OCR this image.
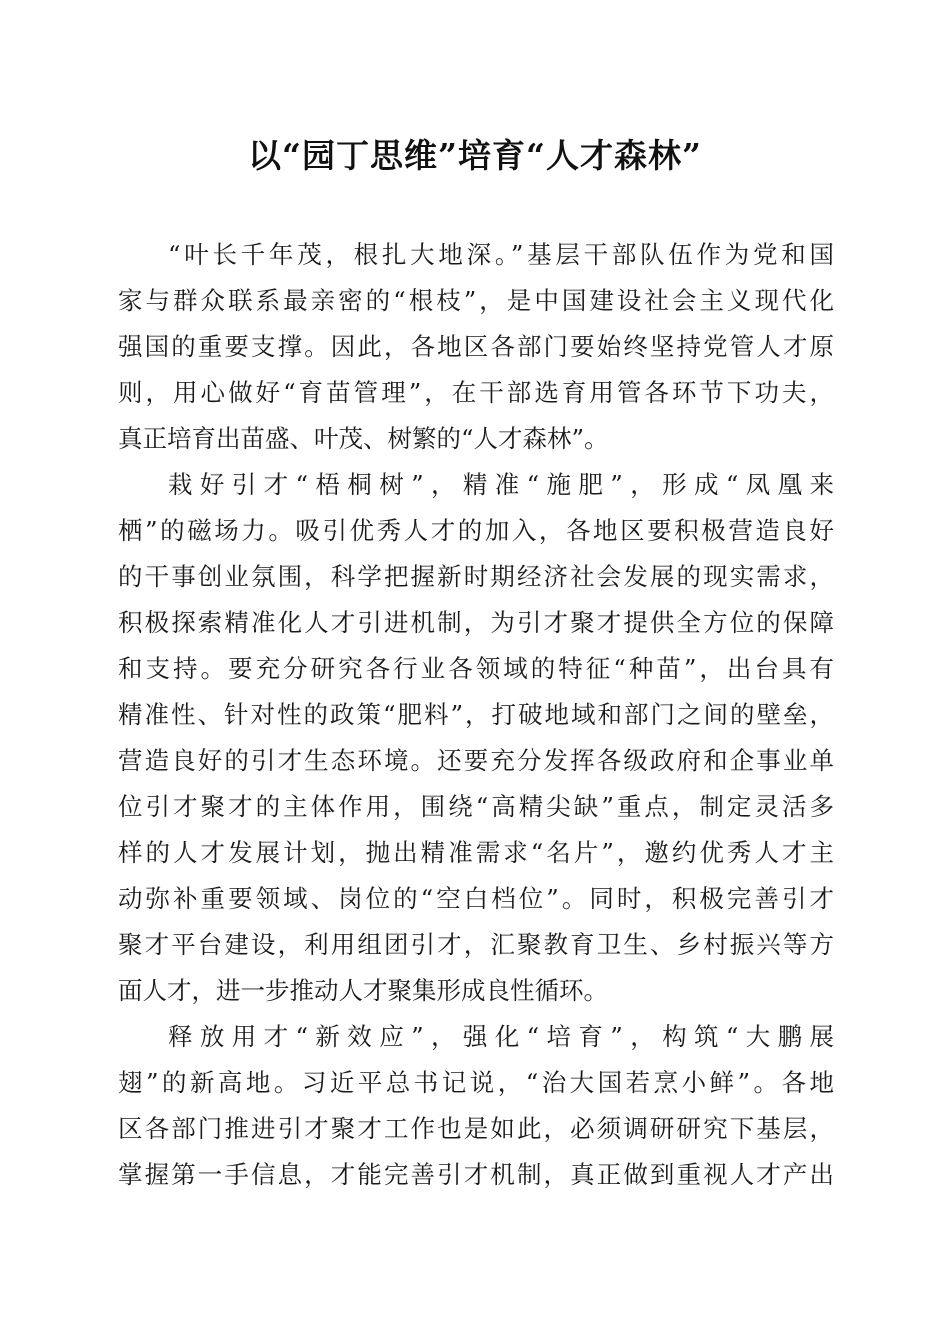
以“园丁思维”培育“人才森林”
“叶长千年茂，根扎大地深。”基层干部队伍作为党和国
家与群众联系最亲密的“根枝”，是中国建设社会主义现代化
强国的重要支撑。因此，各地区各部门要始终坚持党管人才原
则，用心做好“育苗管理”，在干部选育用管各环节下功夫，
真正培育出苗盛、叶茂、树繁的“人才森林”。
栽好引才“梧桐树”，精准“施肥”，形成“凤凰来
栖”的磁场力。吸引优秀人才的加入，各地区要积极营造良好
的干事创业氛围，科学把握新时期经济社会发展的现实需求，
积极探索精准化人才引进机制，为引才聚才提供全方位的保障
和支持。要充分研究各行业各领域的特征“种苗”，出台具有
精准性、针对性的政策“肥料”，打破地域和部门之间的壁垒，
营造良好的引才生态环境。还要充分发挥各级政府和企事业单
位引才聚才的主体作用，围绕“高精尖缺”重点，制定灵活多
样的人才发展计划，抛出精准需求“名片”，邀约优秀人才主
动弥补重要领域、岗位的“空白档位”。同时，积极完善引才
聚才平台建设，利用组团引才，汇聚教育卫生、乡村振兴等方
面人才，进一步推动人才聚集形成良性循环。
释放用才“新效应”，强化“培育”，构筑“大鹏展
翅”的新高地。习近平总书记说，“治大国若烹小鲜”。各地
区各部门推进引才聚才工作也是如此，必须调研研究下基层，
掌握第一手信息，才能完善引才机制，真正做到重视人才产出
